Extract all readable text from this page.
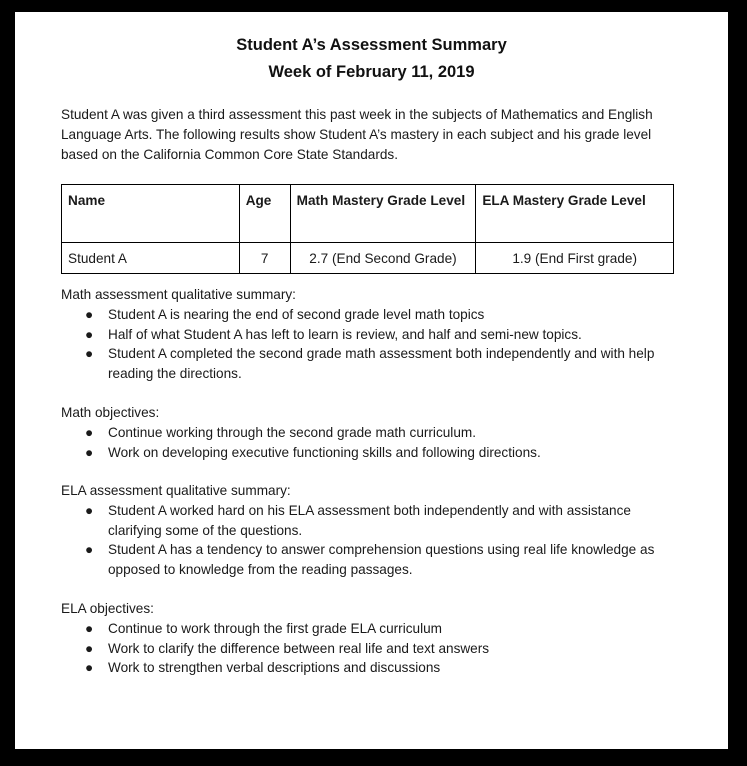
Student A’s Assessment Summary
Week of February 11, 2019

Student A was given a third assessment this past week in the subjects of Mathematics and English Language Arts. The following results show Student A’s mastery in each subject and his grade level based on the California Common Core State Standards.

Name	Age	Math Mastery Grade Level	ELA Mastery Grade Level
Student A	7	2.7 (End Second Grade)	1.9 (End First grade)

Math assessment qualitative summary:

● Student A is nearing the end of second grade level math topics
● Half of what Student A has left to learn is review, and half and semi-new topics.
● Student A completed the second grade math assessment both independently and with help reading the directions.

Math objectives:

● Continue working through the second grade math curriculum.
● Work on developing executive functioning skills and following directions.

ELA assessment qualitative summary:

● Student A worked hard on his ELA assessment both independently and with assistance clarifying some of the questions.
● Student A has a tendency to answer comprehension questions using real life knowledge as opposed to knowledge from the reading passages.

ELA objectives:

● Continue to work through the first grade ELA curriculum
● Work to clarify the difference between real life and text answers
● Work to strengthen verbal descriptions and discussions
